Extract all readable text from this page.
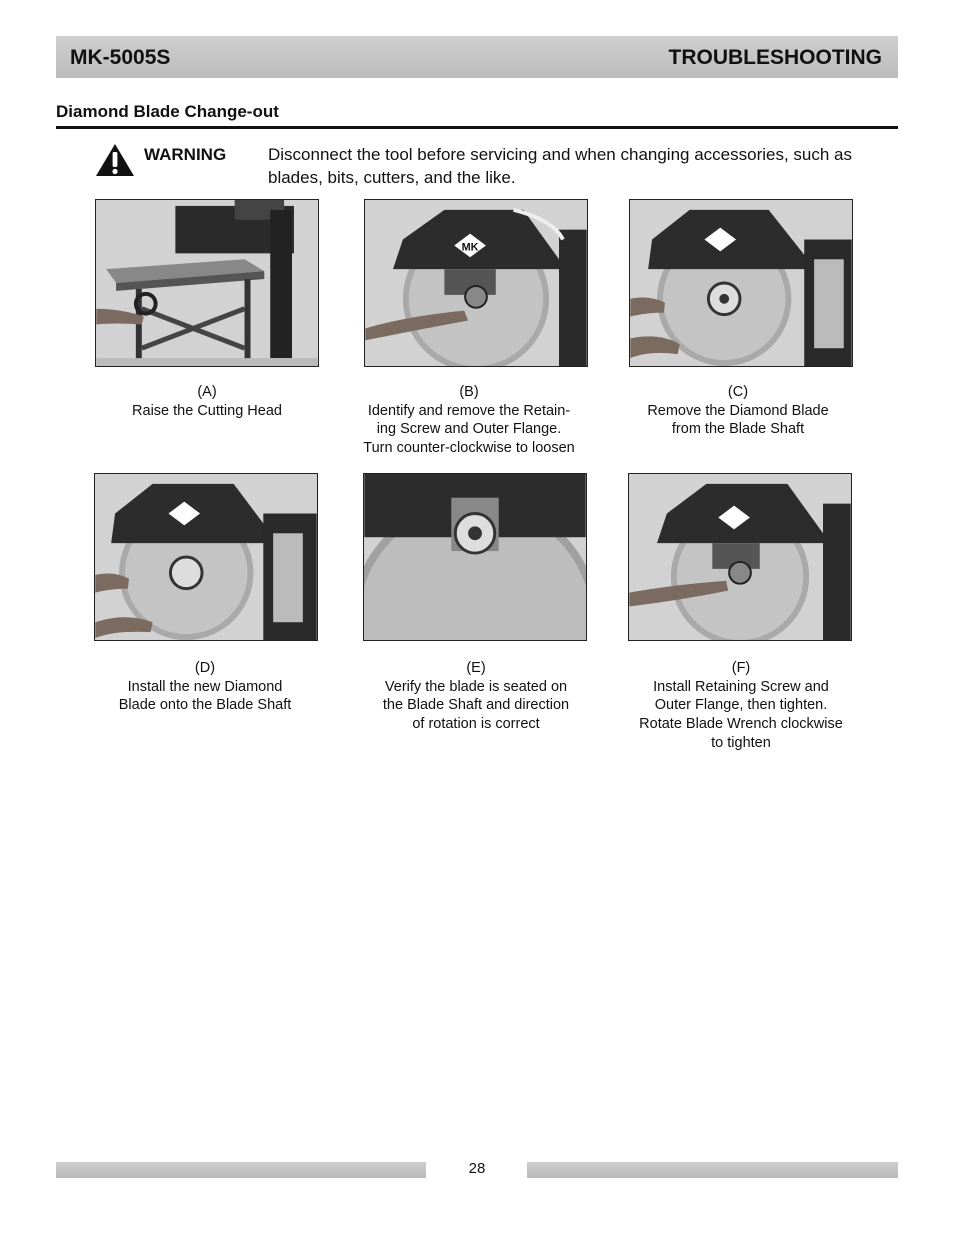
MK-5005S	TROUBLESHOOTING
Diamond Blade Change-out
WARNING Disconnect the tool before servicing and when changing accessories, such as blades, bits, cutters, and the like.
MK
(A)
Raise the Cutting Head
(B)
Identify and remove the Retain-
ing Screw and Outer Flange.
Turn counter-clockwise to loosen
(C)
Remove the Diamond Blade
from the Blade Shaft
(D)
Install the new Diamond
Blade onto the Blade Shaft
(E)
Verify the blade is seated on
the Blade Shaft and direction
of rotation is correct
(F)
Install Retaining Screw and
Outer Flange, then tighten.
Rotate Blade Wrench clockwise
to tighten
28
